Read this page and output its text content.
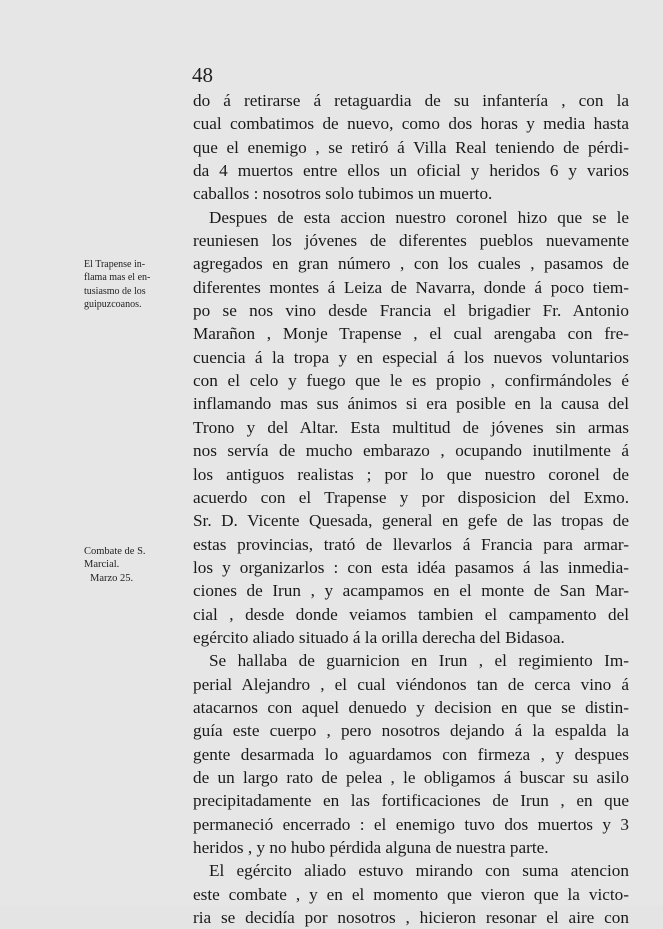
48
El Trapense in-
flama mas el en-
tusiasmo de los
guipuzcoanos.
Combate de S.
Marcial.
Marzo 25.
do á retirarse á retaguardia de su infantería , con la
cual combatimos de nuevo, como dos horas y media hasta
que el enemigo , se retiró á Villa Real teniendo de pérdi-
da 4 muertos entre ellos un oficial y heridos 6 y varios
caballos : nosotros solo tubimos un muerto.
Despues de esta accion nuestro coronel hizo que se le
reuniesen los jóvenes de diferentes pueblos nuevamente
agregados en gran número , con los cuales , pasamos de
diferentes montes á Leiza de Navarra, donde á poco tiem-
po se nos vino desde Francia el brigadier Fr. Antonio
Marañon , Monje Trapense , el cual arengaba con fre-
cuencia á la tropa y en especial á los nuevos voluntarios
con el celo y fuego que le es propio , confirmándoles é
inflamando mas sus ánimos si era posible en la causa del
Trono y del Altar. Esta multitud de jóvenes sin armas
nos servía de mucho embarazo , ocupando inutilmente á
los antiguos realistas ; por lo que nuestro coronel de
acuerdo con el Trapense y por disposicion del Exmo.
Sr. D. Vicente Quesada, general en gefe de las tropas de
estas provincias, trató de llevarlos á Francia para armar-
los y organizarlos : con esta idéa pasamos á las inmedia-
ciones de Irun , y acampamos en el monte de San Mar-
cial , desde donde veiamos tambien el campamento del
egército aliado situado á la orilla derecha del Bidasoa.
Se hallaba de guarnicion en Irun , el regimiento Im-
perial Alejandro , el cual viéndonos tan de cerca vino á
atacarnos con aquel denuedo y decision en que se distin-
guía este cuerpo , pero nosotros dejando á la espalda la
gente desarmada lo aguardamos con firmeza , y despues
de un largo rato de pelea , le obligamos á buscar su asilo
precipitadamente en las fortificaciones de Irun , en que
permaneció encerrado : el enemigo tuvo dos muertos y 3
heridos , y no hubo pérdida alguna de nuestra parte.
El egército aliado estuvo mirando con suma atencion
este combate , y en el momento que vieron que la victo-
ria se decidía por nosotros , hicieron resonar el aire con
